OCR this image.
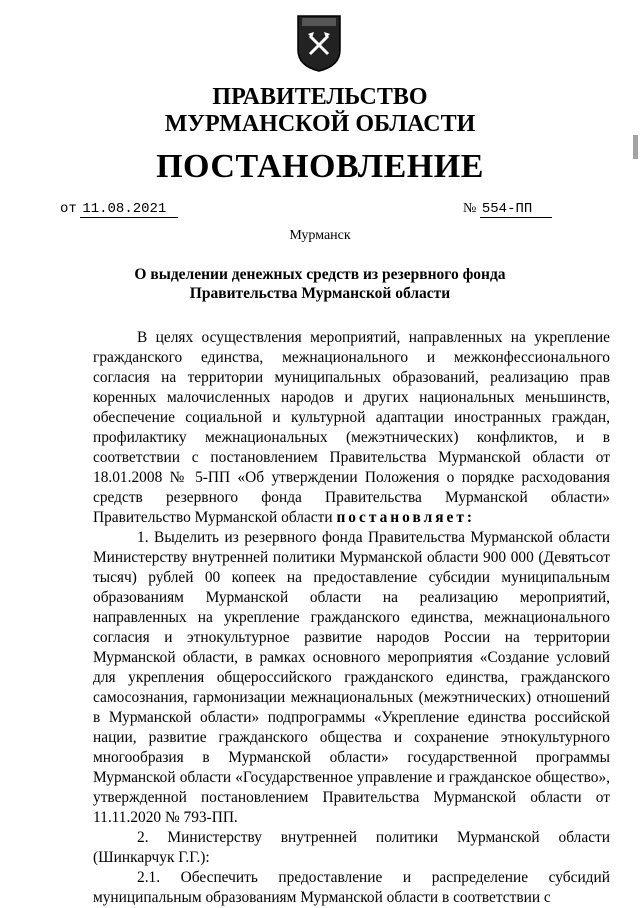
ПРАВИТЕЛЬСТВО
МУРМАНСКОЙ ОБЛАСТИ
ПОСТАНОВЛЕНИЕ
от 11.08.2021	№ 554-ПП
Мурманск
О выделении денежных средств из резервного фонда
Правительства Мурманской области

В целях осуществления мероприятий, направленных на укрепление гражданского единства, межнационального и межконфессионального согласия на территории муниципальных образований, реализацию прав коренных малочисленных народов и других национальных меньшинств, обеспечение социальной и культурной адаптации иностранных граждан, профилактику межнациональных (межэтнических) конфликтов, и в соответствии с постановлением Правительства Мурманской области от 18.01.2008 № 5-ПП «Об утверждении Положения о порядке расходования средств резервного фонда Правительства Мурманской области» Правительство Мурманской области постановляет:

1. Выделить из резервного фонда Правительства Мурманской области Министерству внутренней политики Мурманской области 900 000 (Девятьсот тысяч) рублей 00 копеек на предоставление субсидии муниципальным образованиям Мурманской области на реализацию мероприятий, направленных на укрепление гражданского единства, межнационального согласия и этнокультурное развитие народов России на территории Мурманской области, в рамках основного мероприятия «Создание условий для укрепления общероссийского гражданского единства, гражданского самосознания, гармонизации межнациональных (межэтнических) отношений в Мурманской области» подпрограммы «Укрепление единства российской нации, развитие гражданского общества и сохранение этнокультурного многообразия в Мурманской области» государственной программы Мурманской области «Государственное управление и гражданское общество», утвержденной постановлением Правительства Мурманской области от 11.11.2020 № 793-ПП.

2. Министерству внутренней политики Мурманской области (Шинкарчук Г.Г.):

2.1. Обеспечить предоставление и распределение субсидий муниципальным образованиям Мурманской области в соответствии с
